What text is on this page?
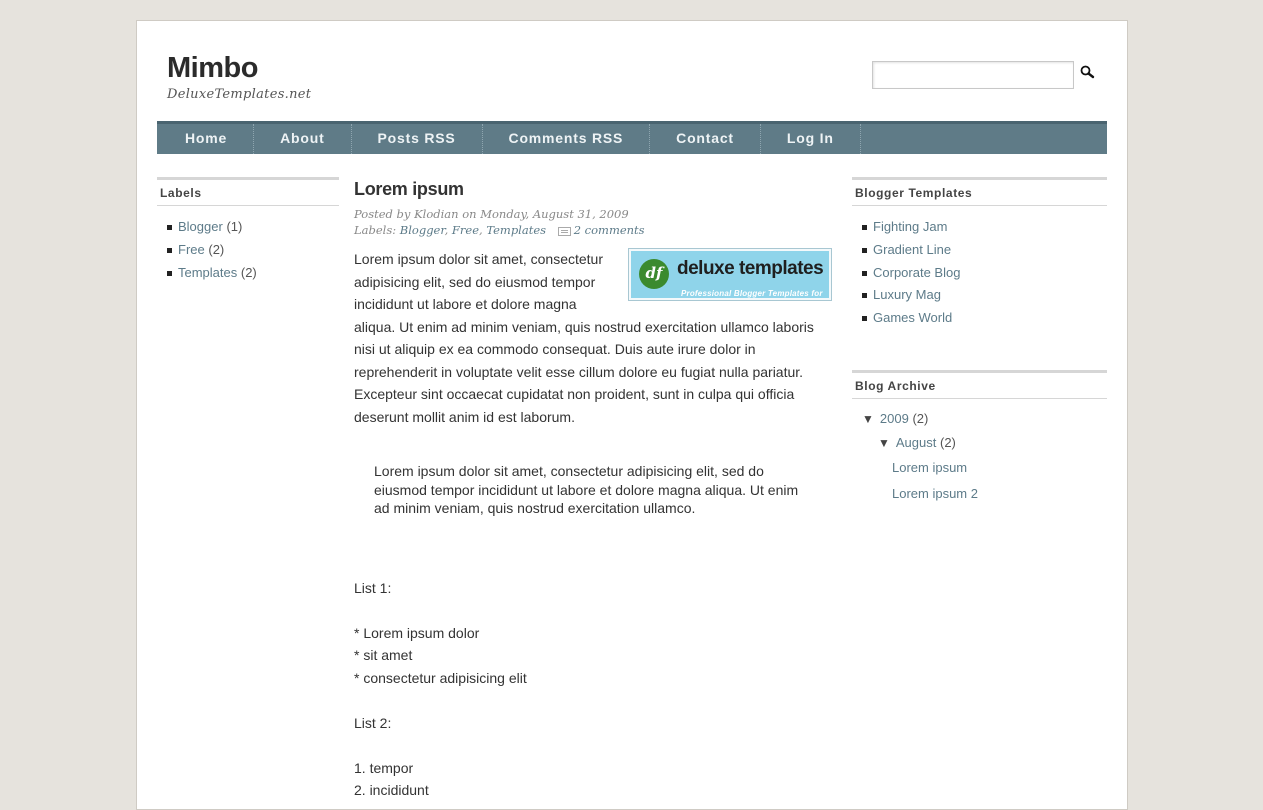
Mimbo
DeluxeTemplates.net
Home	About	Posts RSS	Comments RSS	Contact	Log In
Labels
Blogger (1)
Free (2)
Templates (2)
Lorem ipsum
Posted by Klodian on Monday, August 31, 2009
Labels: Blogger, Free, Templates 2 comments
df deluxe templates
Professional Blogger Templates for Free
Lorem ipsum dolor sit amet, consectetur adipisicing elit, sed do eiusmod tempor incididunt ut labore et dolore magna aliqua. Ut enim ad minim veniam, quis nostrud exercitation ullamco laboris nisi ut aliquip ex ea commodo consequat. Duis aute irure dolor in reprehenderit in voluptate velit esse cillum dolore eu fugiat nulla pariatur. Excepteur sint occaecat cupidatat non proident, sunt in culpa qui officia deserunt mollit anim id est laborum.
Lorem ipsum dolor sit amet, consectetur adipisicing elit, sed do eiusmod tempor incididunt ut labore et dolore magna aliqua. Ut enim ad minim veniam, quis nostrud exercitation ullamco.
List 1:
* Lorem ipsum dolor
* sit amet
* consectetur adipisicing elit
List 2:
1. tempor
2. incididunt
Blogger Templates
Fighting Jam
Gradient Line
Corporate Blog
Luxury Mag
Games World
Blog Archive
▼ 2009 (2)
▼ August (2)
Lorem ipsum
Lorem ipsum 2
